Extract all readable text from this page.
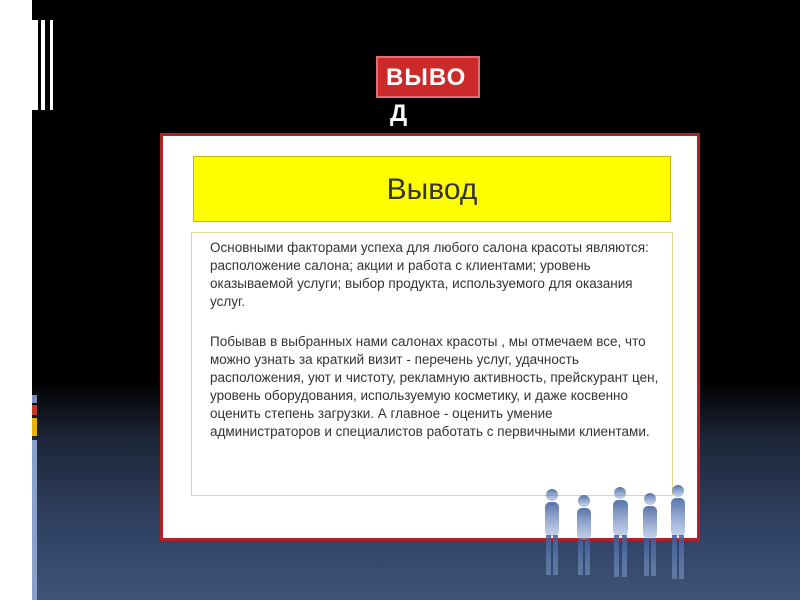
ВЫВО
Д
Вывод
Основными факторами успеха для любого салона красоты являются: расположение салона; акции и работа с клиентами; уровень оказываемой услуги; выбор продукта, используемого для оказания услуг.
Побывав в выбранных нами салонах красоты , мы отмечаем все, что можно узнать за краткий визит - перечень услуг, удачность расположения, уют и чистоту, рекламную активность, прейскурант цен, уровень оборудования, используемую косметику, и даже косвенно оценить степень загрузки. А главное - оценить умение администраторов и специалистов работать с первичными клиентами.
